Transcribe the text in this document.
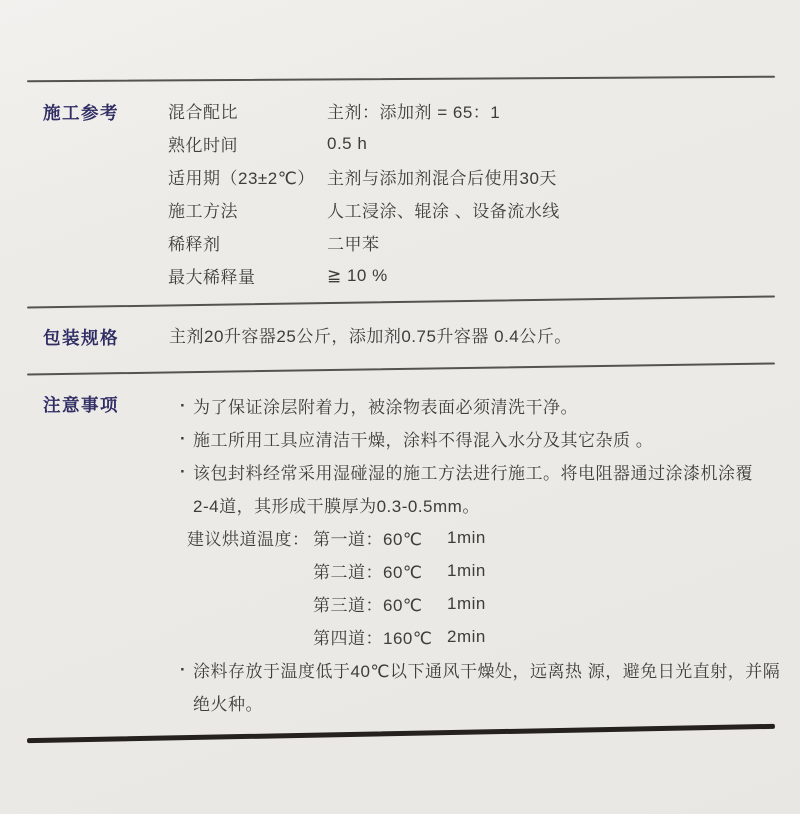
施工参考	混合配比	主剂：添加剂 = 65：1
熟化时间	0.5 h
适用期（23±2℃） 主剂与添加剂混合后使用30天
施工方法	人工浸涂、辊涂 、设备流水线
稀释剂	二甲苯
最大稀释量	≧ 10 %
包装规格	主剂20升容器25公斤，添加剂0.75升容器 0.4公斤。
注意事项	· 为了保证涂层附着力，被涂物表面必须清洗干净。
· 施工所用工具应清洁干燥，涂料不得混入水分及其它杂质 。
· 该包封料经常采用湿碰湿的施工方法进行施工。将电阻器通过涂漆机涂覆
2-4道，其形成干膜厚为0.3-0.5mm。
建议烘道温度： 第一道：60℃	1min
第二道：60℃	1min
第三道：60℃	1min
第四道：160℃ 2min
· 涂料存放于温度低于40℃以下通风干燥处，远离热 源，避免日光直射，并隔
绝火种。
